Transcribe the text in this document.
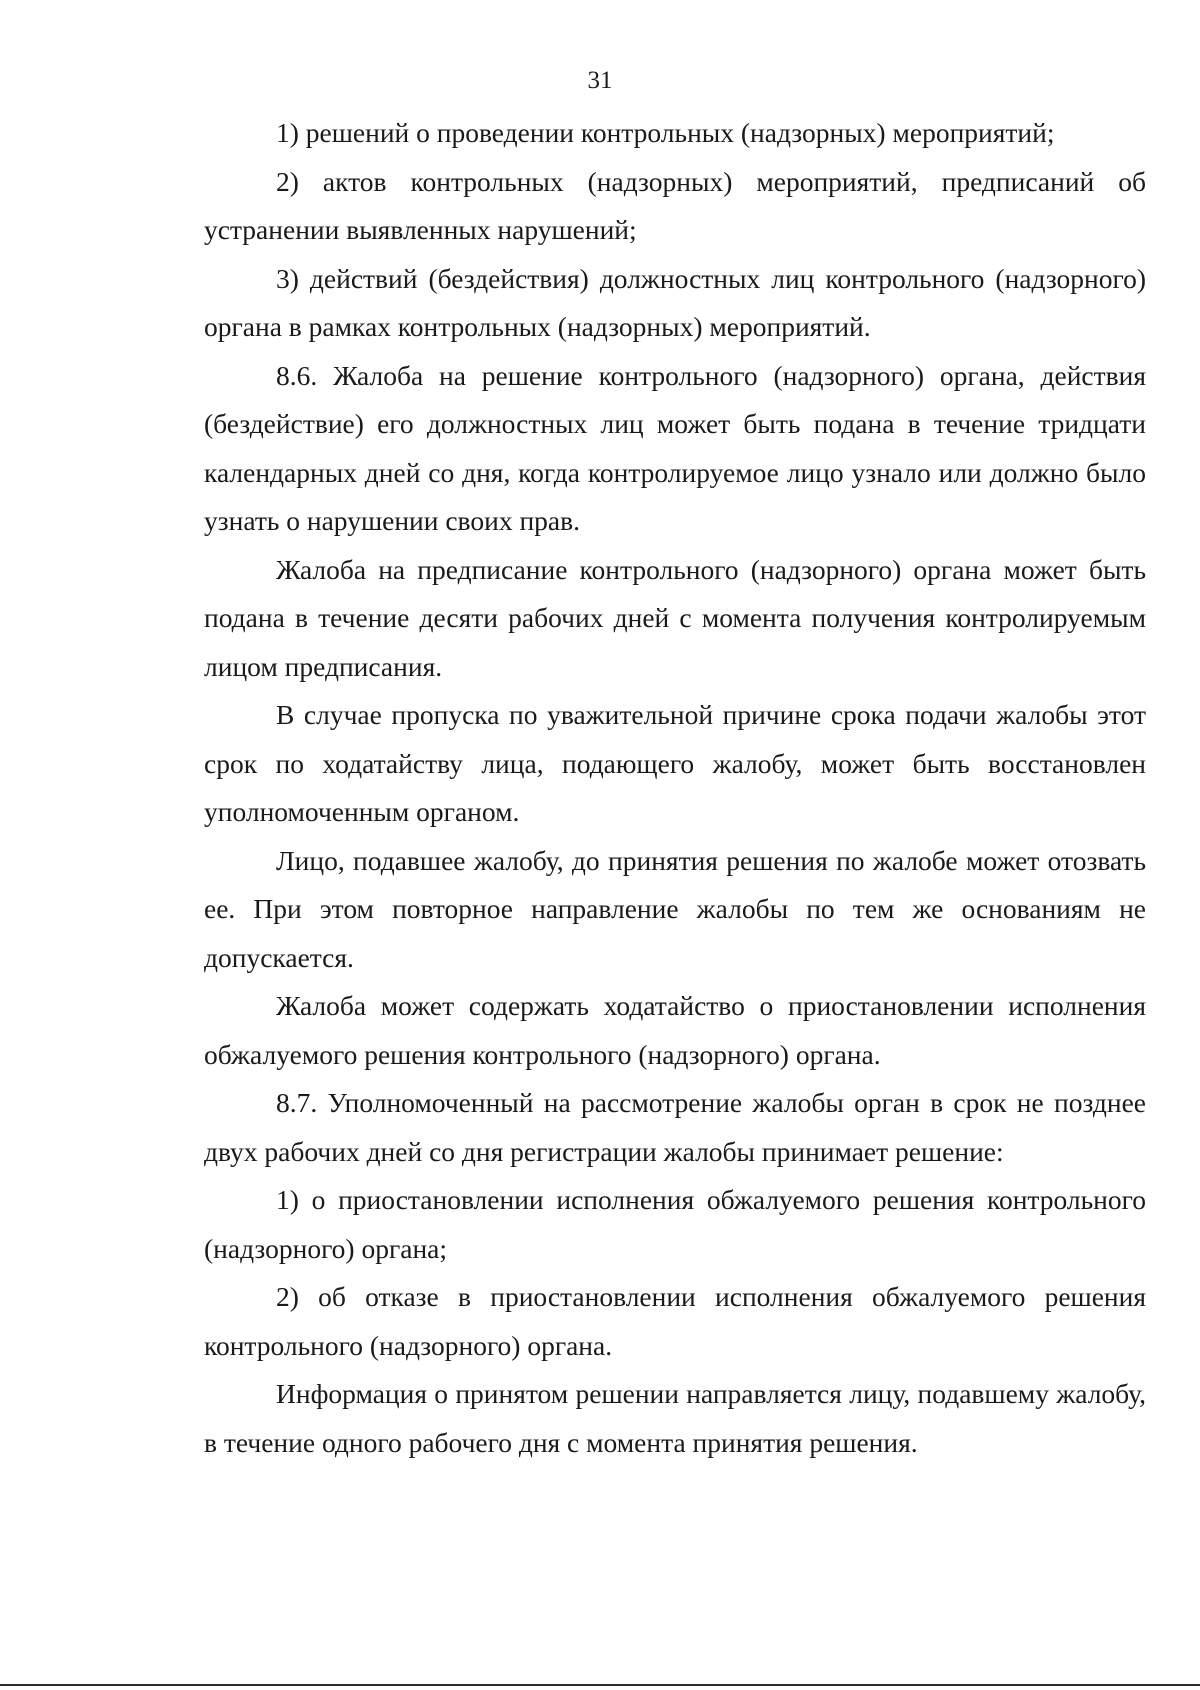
31

1) решений о проведении контрольных (надзорных) мероприятий;

2) актов контрольных (надзорных) мероприятий, предписаний об устранении выявленных нарушений;

3) действий (бездействия) должностных лиц контрольного (надзорного) органа в рамках контрольных (надзорных) мероприятий.

8.6. Жалоба на решение контрольного (надзорного) органа, действия (бездействие) его должностных лиц может быть подана в течение тридцати календарных дней со дня, когда контролируемое лицо узнало или должно было узнать о нарушении своих прав.

Жалоба на предписание контрольного (надзорного) органа может быть подана в течение десяти рабочих дней с момента получения контролируемым лицом предписания.

В случае пропуска по уважительной причине срока подачи жалобы этот срок по ходатайству лица, подающего жалобу, может быть восстановлен уполномоченным органом.

Лицо, подавшее жалобу, до принятия решения по жалобе может отозвать ее. При этом повторное направление жалобы по тем же основаниям не допускается.

Жалоба может содержать ходатайство о приостановлении исполнения обжалуемого решения контрольного (надзорного) органа.

8.7. Уполномоченный на рассмотрение жалобы орган в срок не позднее двух рабочих дней со дня регистрации жалобы принимает решение:

1) о приостановлении исполнения обжалуемого решения контрольного (надзорного) органа;

2) об отказе в приостановлении исполнения обжалуемого решения контрольного (надзорного) органа.

Информация о принятом решении направляется лицу, подавшему жалобу, в течение одного рабочего дня с момента принятия решения.
